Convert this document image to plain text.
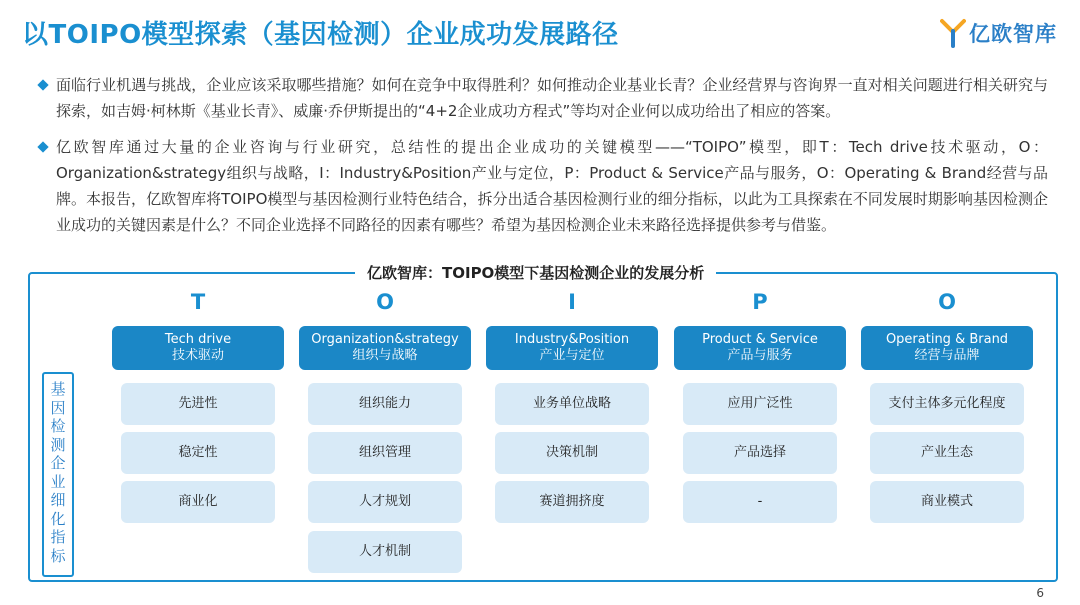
以TOIPO模型探索（基因检测）企业成功发展路径	亿欧智库
面临行业机遇与挑战，企业应该采取哪些措施？如何在竞争中取得胜利？如何推动企业基业长青？企业经营界与咨询界一直对相关问题进行相关研究与探索，如吉姆·柯林斯《基业长青》、威廉·乔伊斯提出的“4+2企业成功方程式”等均对企业何以成功给出了相应的答案。
亿欧智库通过大量的企业咨询与行业研究，总结性的提出企业成功的关键模型——“TOIPO”模型，即T：Tech drive技术驱动，O：Organization&strategy组织与战略，I：Industry&Position产业与定位，P：Product & Service产品与服务，O：Operating & Brand经营与品牌。本报告，亿欧智库将TOIPO模型与基因检测行业特色结合，拆分出适合基因检测行业的细分指标，以此为工具探索在不同发展时期影响基因检测企业成功的关键因素是什么？不同企业选择不同路径的因素有哪些？希望为基因检测企业未来路径选择提供参考与借鉴。
亿欧智库：TOIPO模型下基因检测企业的发展分析
基因检测企业细化指标
T
Tech drive
技术驱动
先进性
稳定性
商业化
O
Organization&strategy
组织与战略
组织能力
组织管理
人才规划
人才机制
I
Industry&Position
产业与定位
业务单位战略
决策机制
赛道拥挤度
P
Product & Service
产品与服务
应用广泛性
产品选择
-
O
Operating & Brand
经营与品牌
支付主体多元化程度
产业生态
商业模式
6
